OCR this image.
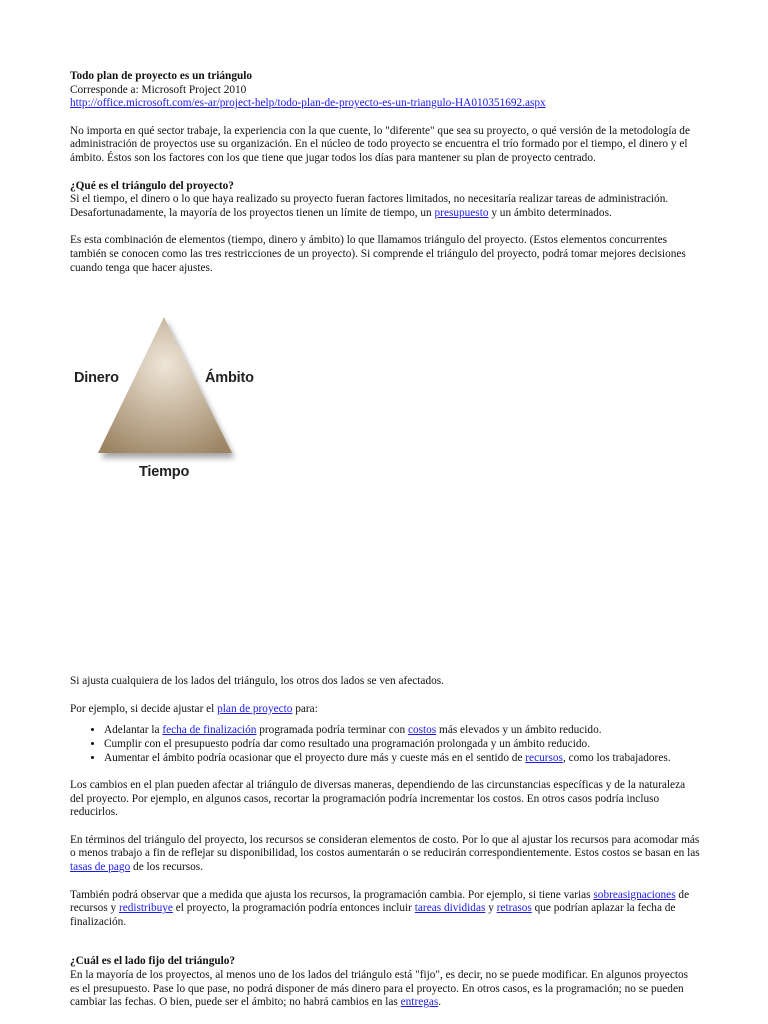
Todo plan de proyecto es un triángulo

Corresponde a: Microsoft Project 2010

http://office.microsoft.com/es-ar/project-help/todo-plan-de-proyecto-es-un-triangulo-HA010351692.aspx

No importa en qué sector trabaje, la experiencia con la que cuente, lo "diferente" que sea su proyecto, o qué versión de la metodología de administración de proyectos use su organización. En el núcleo de todo proyecto se encuentra el trío formado por el tiempo, el dinero y el ámbito. Éstos son los factores con los que tiene que jugar todos los días para mantener su plan de proyecto centrado.

¿Qué es el triángulo del proyecto?

Si el tiempo, el dinero o lo que haya realizado su proyecto fueran factores limitados, no necesitaría realizar tareas de administración. Desafortunadamente, la mayoría de los proyectos tienen un límite de tiempo, un presupuesto y un ámbito determinados.

Es esta combinación de elementos (tiempo, dinero y ámbito) lo que llamamos triángulo del proyecto. (Estos elementos concurrentes también se conocen como las tres restricciones de un proyecto). Si comprende el triángulo del proyecto, podrá tomar mejores decisiones cuando tenga que hacer ajustes.

Dinero	Ámbito
Tiempo

Si ajusta cualquiera de los lados del triángulo, los otros dos lados se ven afectados.

Por ejemplo, si decide ajustar el plan de proyecto para:

• Adelantar la fecha de finalización programada podría terminar con costos más elevados y un ámbito reducido.
• Cumplir con el presupuesto podría dar como resultado una programación prolongada y un ámbito reducido.
• Aumentar el ámbito podría ocasionar que el proyecto dure más y cueste más en el sentido de recursos, como los trabajadores.

Los cambios en el plan pueden afectar al triángulo de diversas maneras, dependiendo de las circunstancias específicas y de la naturaleza del proyecto. Por ejemplo, en algunos casos, recortar la programación podría incrementar los costos. En otros casos podría incluso reducirlos.

En términos del triángulo del proyecto, los recursos se consideran elementos de costo. Por lo que al ajustar los recursos para acomodar más o menos trabajo a fin de reflejar su disponibilidad, los costos aumentarán o se reducirán correspondientemente. Estos costos se basan en las tasas de pago de los recursos.

También podrá observar que a medida que ajusta los recursos, la programación cambia. Por ejemplo, si tiene varias sobreasignaciones de recursos y redistribuye el proyecto, la programación podría entonces incluir tareas divididas y retrasos que podrían aplazar la fecha de finalización.

¿Cuál es el lado fijo del triángulo?

En la mayoría de los proyectos, al menos uno de los lados del triángulo está "fijo", es decir, no se puede modificar. En algunos proyectos es el presupuesto. Pase lo que pase, no podrá disponer de más dinero para el proyecto. En otros casos, es la programación; no se pueden cambiar las fechas. O bien, puede ser el ámbito; no habrá cambios en las entregas.
